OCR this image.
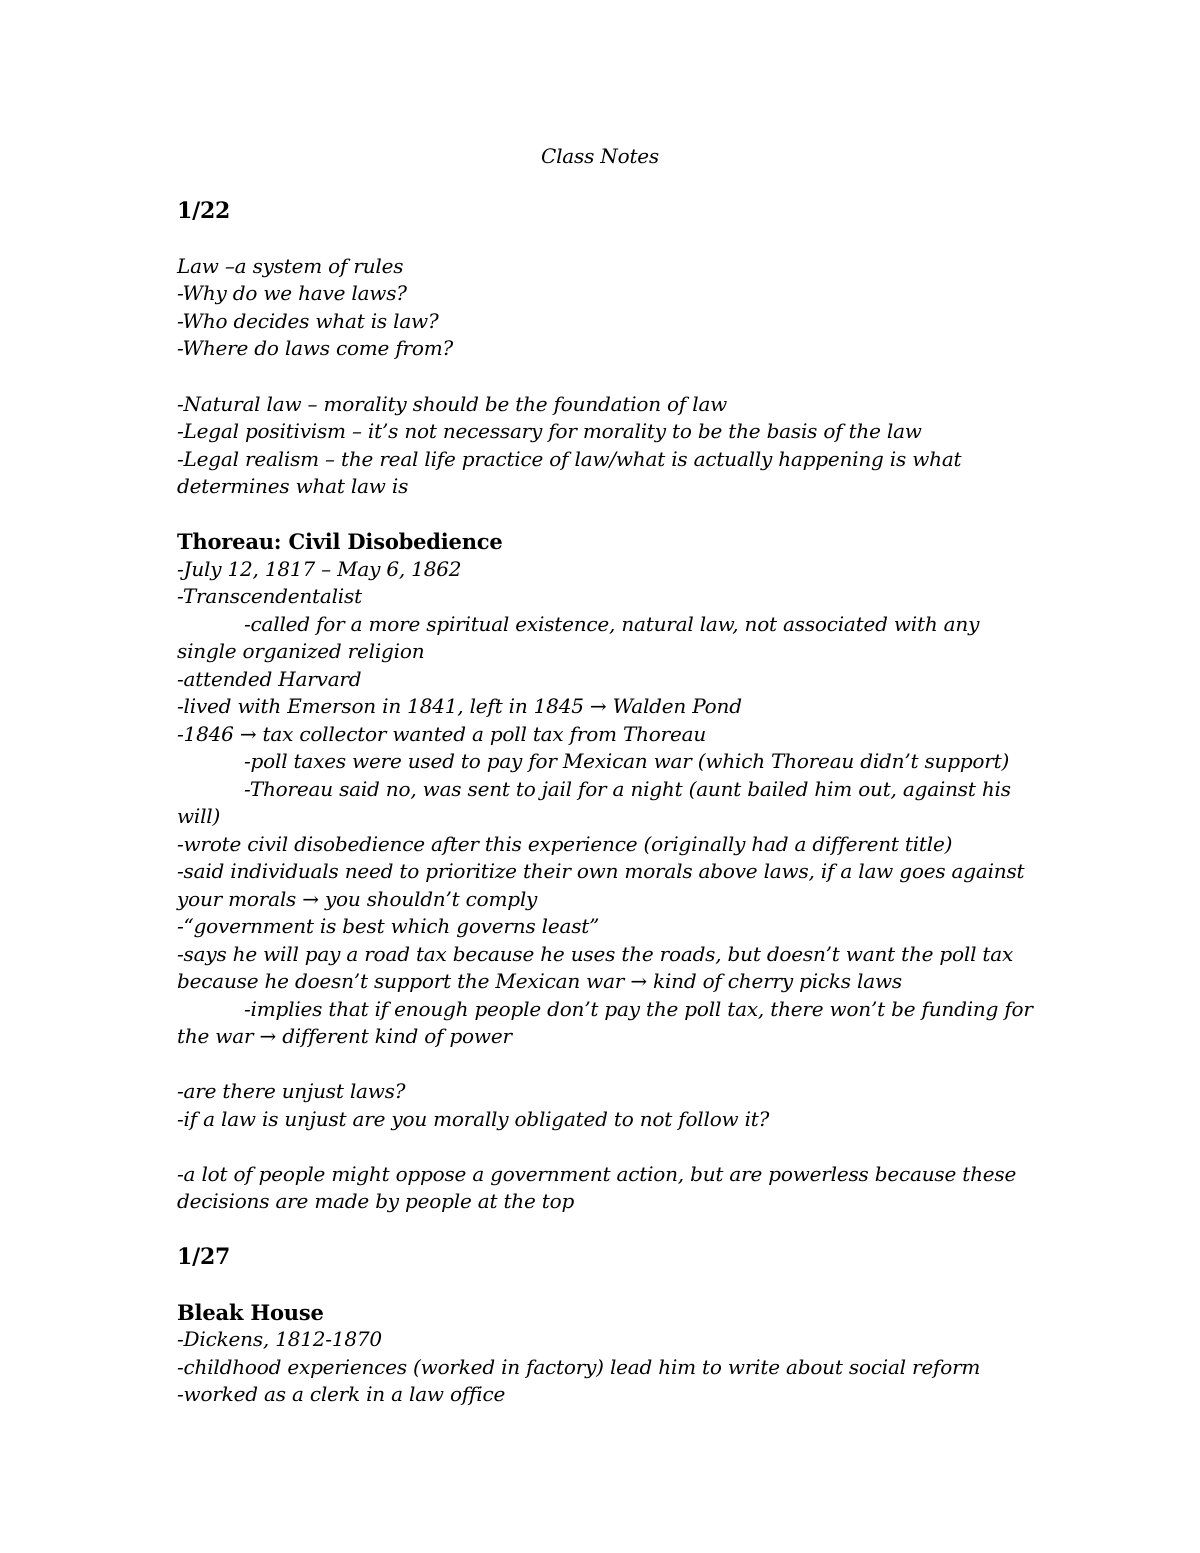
Class Notes
1/22
Law –a system of rules
-Why do we have laws?
-Who decides what is law?
-Where do laws come from?
-Natural law – morality should be the foundation of law
-Legal positivism – it’s not necessary for morality to be the basis of the law
-Legal realism – the real life practice of law/what is actually happening is what
determines what law is
Thoreau: Civil Disobedience
-July 12, 1817 – May 6, 1862
-Transcendentalist
-called for a more spiritual existence, natural law, not associated with any
single organized religion
-attended Harvard
-lived with Emerson in 1841, left in 1845 → Walden Pond
-1846 → tax collector wanted a poll tax from Thoreau
-poll taxes were used to pay for Mexican war (which Thoreau didn’t support)
-Thoreau said no, was sent to jail for a night (aunt bailed him out, against his
will)
-wrote civil disobedience after this experience (originally had a different title)
-said individuals need to prioritize their own morals above laws, if a law goes against
your morals → you shouldn’t comply
-“government is best which governs least”
-says he will pay a road tax because he uses the roads, but doesn’t want the poll tax
because he doesn’t support the Mexican war → kind of cherry picks laws
-implies that if enough people don’t pay the poll tax, there won’t be funding for
the war → different kind of power
-are there unjust laws?
-if a law is unjust are you morally obligated to not follow it?
-a lot of people might oppose a government action, but are powerless because these
decisions are made by people at the top
1/27
Bleak House
-Dickens, 1812-1870
-childhood experiences (worked in factory) lead him to write about social reform
-worked as a clerk in a law office
